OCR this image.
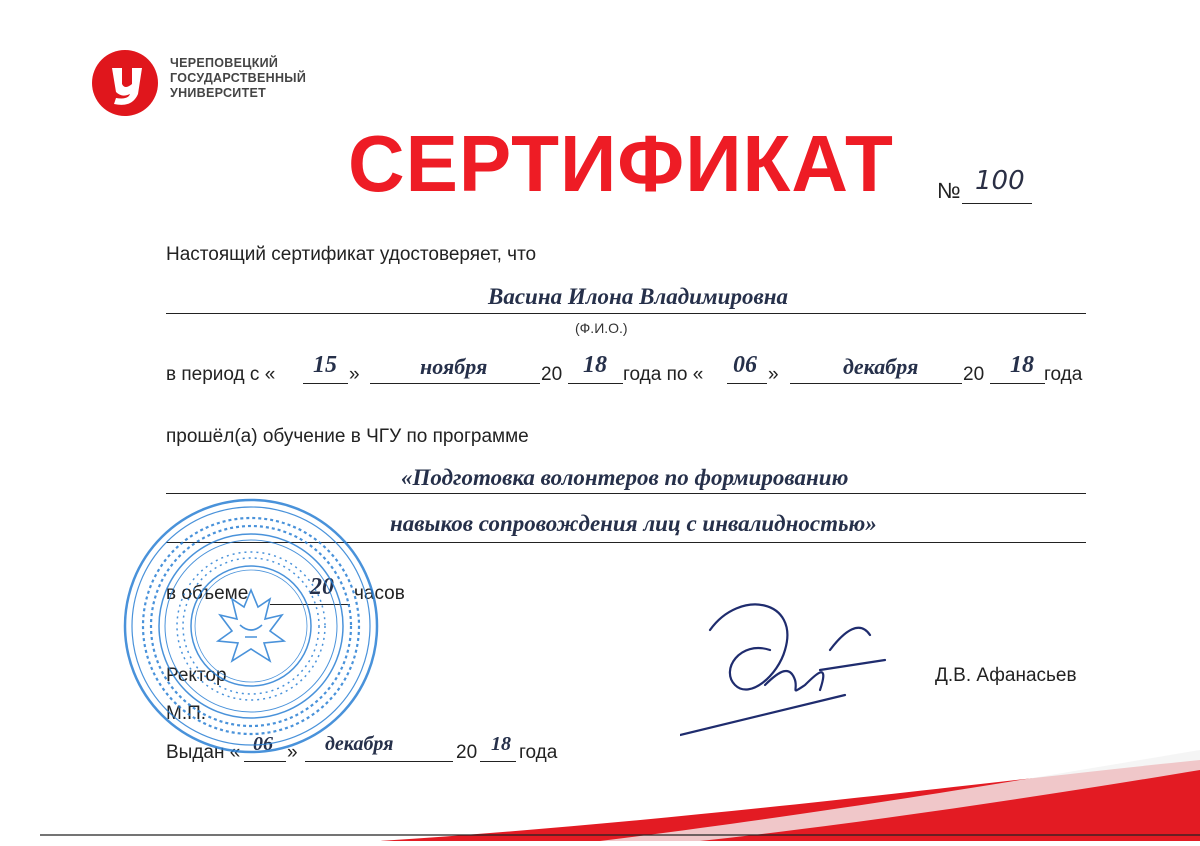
ЧЕРЕПОВЕЦКИЙ
ГОСУДАРСТВЕННЫЙ
УНИВЕРСИТЕТ
СЕРТИФИКАТ № 100
Настоящий сертификат удостоверяет, что
Васина Илона Владимировна
(Ф.И.О.)
в период с « 15 »	ноября	20 18 года по « 06 »	декабря 20 18 года
прошёл(а) обучение в ЧГУ по программе
«Подготовка волонтеров по формированию
навыков сопровождения лиц с инвалидностью»
в объеме	20 часов
Ректор
М.П.
Д.В. Афанасьев
Выдан « 06 » декабря	20 18 года
